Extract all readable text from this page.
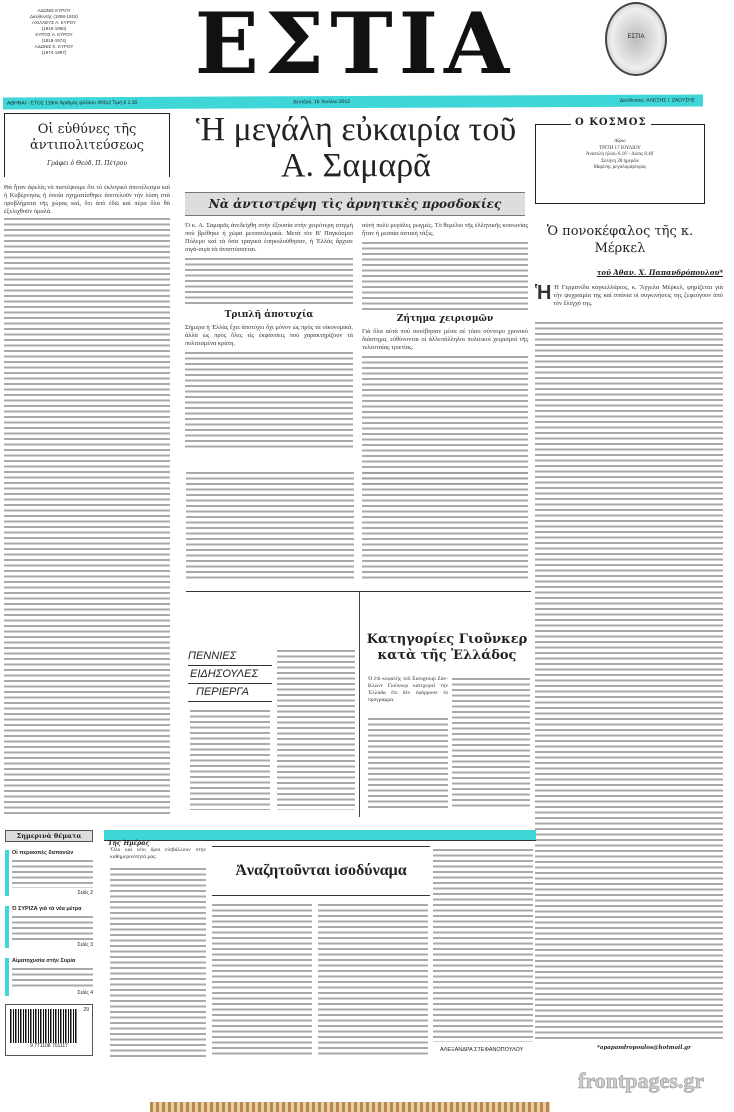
ΑΔΩΝΙΣ ΚΥΡΟΥ
Διευθυντής (1898-1918)
ΑΧΙΛΛΕΥΣ Α. ΚΥΡΟΥ
(1918-1950)
ΚΥΡΟΣ Α. ΚΥΡΟΥ
(1918-1974)
ΑΔΩΝΙΣ Κ. ΚΥΡΟΥ
(1974-1997)	ΕΣΤΙΑ	ΕΣΤΙΑ
ΑΘΗΝΑΙ - ΕΤΟΣ 119ον Ἀριθμὸς φύλλου 39312 Τιμή € 1,30	Δευτέρα, 16 Ἰουλίου 2012	Διεύθυνσις: ΑΛΕΞΗΣ Ι. ΖΑΟΥΣΗΣ
Οἱ εὐθύνες τῆς ἀντιπολιτεύσεως
Γράφει ὁ Θεόδ. Π. Πέτρου
Θὰ ἦταν ἀφελὲς νὰ πιστέψουμε ὅτι τὸ ἐκλογικὸ ἀποτέλεσμα καὶ ἡ Κυβέρνησις ἡ ὁποία σχηματίσθηκε ἀποτελοῦν τὴν λύση στὰ προβλήματα τῆς χώρας καί, ὅτι ἀπὸ ἐδῶ καὶ πέρα ὅλα θὰ ἐξελιχθοῦν ὁμαλά.
Ἡ μεγάλη εὐκαιρία τοῦ Α. Σαμαρᾶ
Νὰ ἀντιστρέψη τὶς ἀρνητικὲς προσδοκίες
Ὁ κ. Α. Σαμαρᾶς ἀνεδείχθη στὴν ἐξουσία στὴν χειρότερη στιγμὴ ποὺ βρέθηκε ἡ χώρα μεταπολεμικά. Μετὰ τὸν Β' Παγκόσμιο Πόλεμο καὶ τὰ ὅσα τραγικὰ ἐπηκολούθησαν, ἡ Ἑλλὰς ἄρχισε σιγὰ-σιγὰ νὰ ἀναπτύσσεται.
Τριπλῆ ἀποτυχία
Σήμερα ἡ Ἑλλὰς ἔχει ἀποτύχει ὄχι μόνον ὡς πρὸς τὰ οἰκονομικά, ἀλλὰ ὡς πρὸς ὅλες τὶς ἐκφάνσεις ποὺ χαρακτηρίζουν τὰ πολιτισμένα κράτη.
αὐτὴ πολὺ μεγάλες ρωγμές. Τὸ θεμέλιο τῆς ἑλληνικῆς κοινωνίας ἦταν ἡ μεσαία ἀστικὴ τάξις.
Ζήτημα χειρισμῶν
Γιὰ ὅλα αὐτὰ ποὺ συνέβησαν μέσα σὲ τόσο σύντομο χρονικὸ διάστημα, εὐθύνονται οἱ ἀλλεπάλληλοι πολιτικοὶ χειρισμοὶ τῆς τελευταίας τριετίας.
ΠΕΝΝΙΕΣ
ΕΙΔΗΣΟΥΛΕΣ
ΠΕΡΙΕΡΓΑ
Κατηγορίες Γιοῦνκερ κατὰ τῆς Ἑλλάδος
Ὁ ἐπὶ κεφαλῆς τοῦ Eurogroup Ζὰν-Κλὼντ Γιοῦνκερ κατηγορεῖ τὴν Ἑλλάδα ὅτι δὲν ἐφάρμοσε τὸ πρόγραμμα.
Ο ΚΟΣΜΟΣ
Αὔριο
ΤΡΙΤΗ 17 ΙΟΥΛΙΟΥ
Ἀνατολὴ ἡλίου 6.16' - Δύσις 8.46'
Σελήνη 28 ἡμερῶν
Μαρίνης μεγαλομάρτυρος
Ὁ πονοκέφαλος τῆς κ. Μέρκελ
τοῦ Ἀθαν. Χ. Παπανδρόπουλου*
Ἡ Ἡ Γερμανίδα καγκελλάριος, κ. Ἄγγελα Μέρκελ, φημίζεται γιὰ τὴν ψυχραιμία της καὶ σπάνια οἱ συγκινήσεις της ξεφεύγουν ἀπὸ τὸν ἔλεγχό της.
*apapandropoulos@hotmail.gr
Σημερινὰ θέματα
Οἱ περικοπὲς δαπανῶν
Σελὶς 2
Ὁ ΣΥΡΙΖΑ γιὰ τὰ νέα μέτρα
Σελὶς 3
Αἱματοχυσία στὴν Συρία
Σελὶς 4
9 771108 701117
29
Τῆς Ἡμέρας
Ἀναζητοῦνται ἰσοδύναμα
Ὅλο καὶ νέοι ὅροι εἰσβάλλουν στὴν καθημερινότητά μας.
ΑΛΕΞΑΝΔΡΑ ΣΤΕΦΑΝΟΠΟΥΛΟΥ
frontpages.gr
